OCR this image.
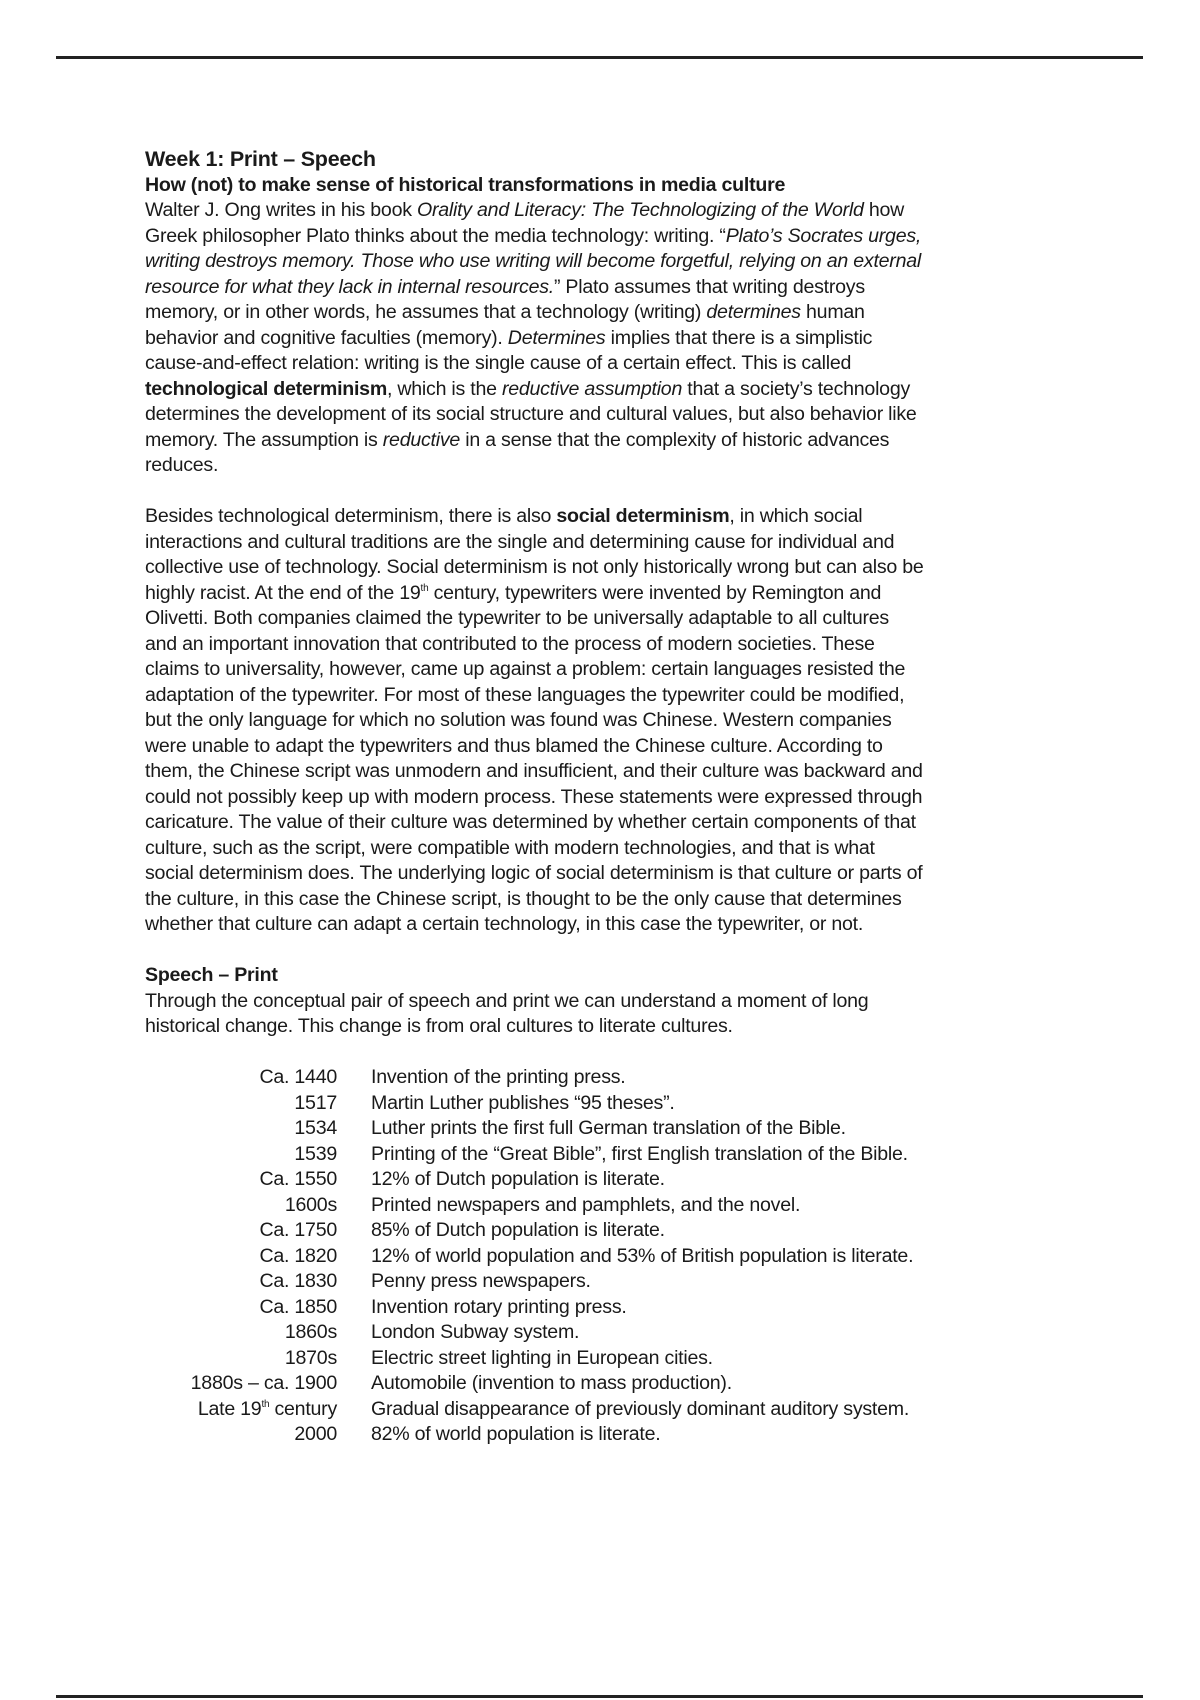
Week 1: Print – Speech
How (not) to make sense of historical transformations in media culture
Walter J. Ong writes in his book Orality and Literacy: The Technologizing of the World how
Greek philosopher Plato thinks about the media technology: writing. “Plato’s Socrates urges,
writing destroys memory. Those who use writing will become forgetful, relying on an external
resource for what they lack in internal resources.” Plato assumes that writing destroys
memory, or in other words, he assumes that a technology (writing) determines human
behavior and cognitive faculties (memory). Determines implies that there is a simplistic
cause-and-effect relation: writing is the single cause of a certain effect. This is called
technological determinism, which is the reductive assumption that a society’s technology
determines the development of its social structure and cultural values, but also behavior like
memory. The assumption is reductive in a sense that the complexity of historic advances
reduces.
Besides technological determinism, there is also social determinism, in which social
interactions and cultural traditions are the single and determining cause for individual and
collective use of technology. Social determinism is not only historically wrong but can also be
highly racist. At the end of the 19th century, typewriters were invented by Remington and
Olivetti. Both companies claimed the typewriter to be universally adaptable to all cultures
and an important innovation that contributed to the process of modern societies. These
claims to universality, however, came up against a problem: certain languages resisted the
adaptation of the typewriter. For most of these languages the typewriter could be modified,
but the only language for which no solution was found was Chinese. Western companies
were unable to adapt the typewriters and thus blamed the Chinese culture. According to
them, the Chinese script was unmodern and insufficient, and their culture was backward and
could not possibly keep up with modern process. These statements were expressed through
caricature. The value of their culture was determined by whether certain components of that
culture, such as the script, were compatible with modern technologies, and that is what
social determinism does. The underlying logic of social determinism is that culture or parts of
the culture, in this case the Chinese script, is thought to be the only cause that determines
whether that culture can adapt a certain technology, in this case the typewriter, or not.
Speech – Print
Through the conceptual pair of speech and print we can understand a moment of long
historical change. This change is from oral cultures to literate cultures.
Ca. 1440	Invention of the printing press.
1517	Martin Luther publishes “95 theses”.
1534	Luther prints the first full German translation of the Bible.
1539	Printing of the “Great Bible”, first English translation of the Bible.
Ca. 1550	12% of Dutch population is literate.
1600s	Printed newspapers and pamphlets, and the novel.
Ca. 1750	85% of Dutch population is literate.
Ca. 1820	12% of world population and 53% of British population is literate.
Ca. 1830	Penny press newspapers.
Ca. 1850	Invention rotary printing press.
1860s	London Subway system.
1870s	Electric street lighting in European cities.
1880s – ca. 1900	Automobile (invention to mass production).
Late 19th century	Gradual disappearance of previously dominant auditory system.
2000	82% of world population is literate.
